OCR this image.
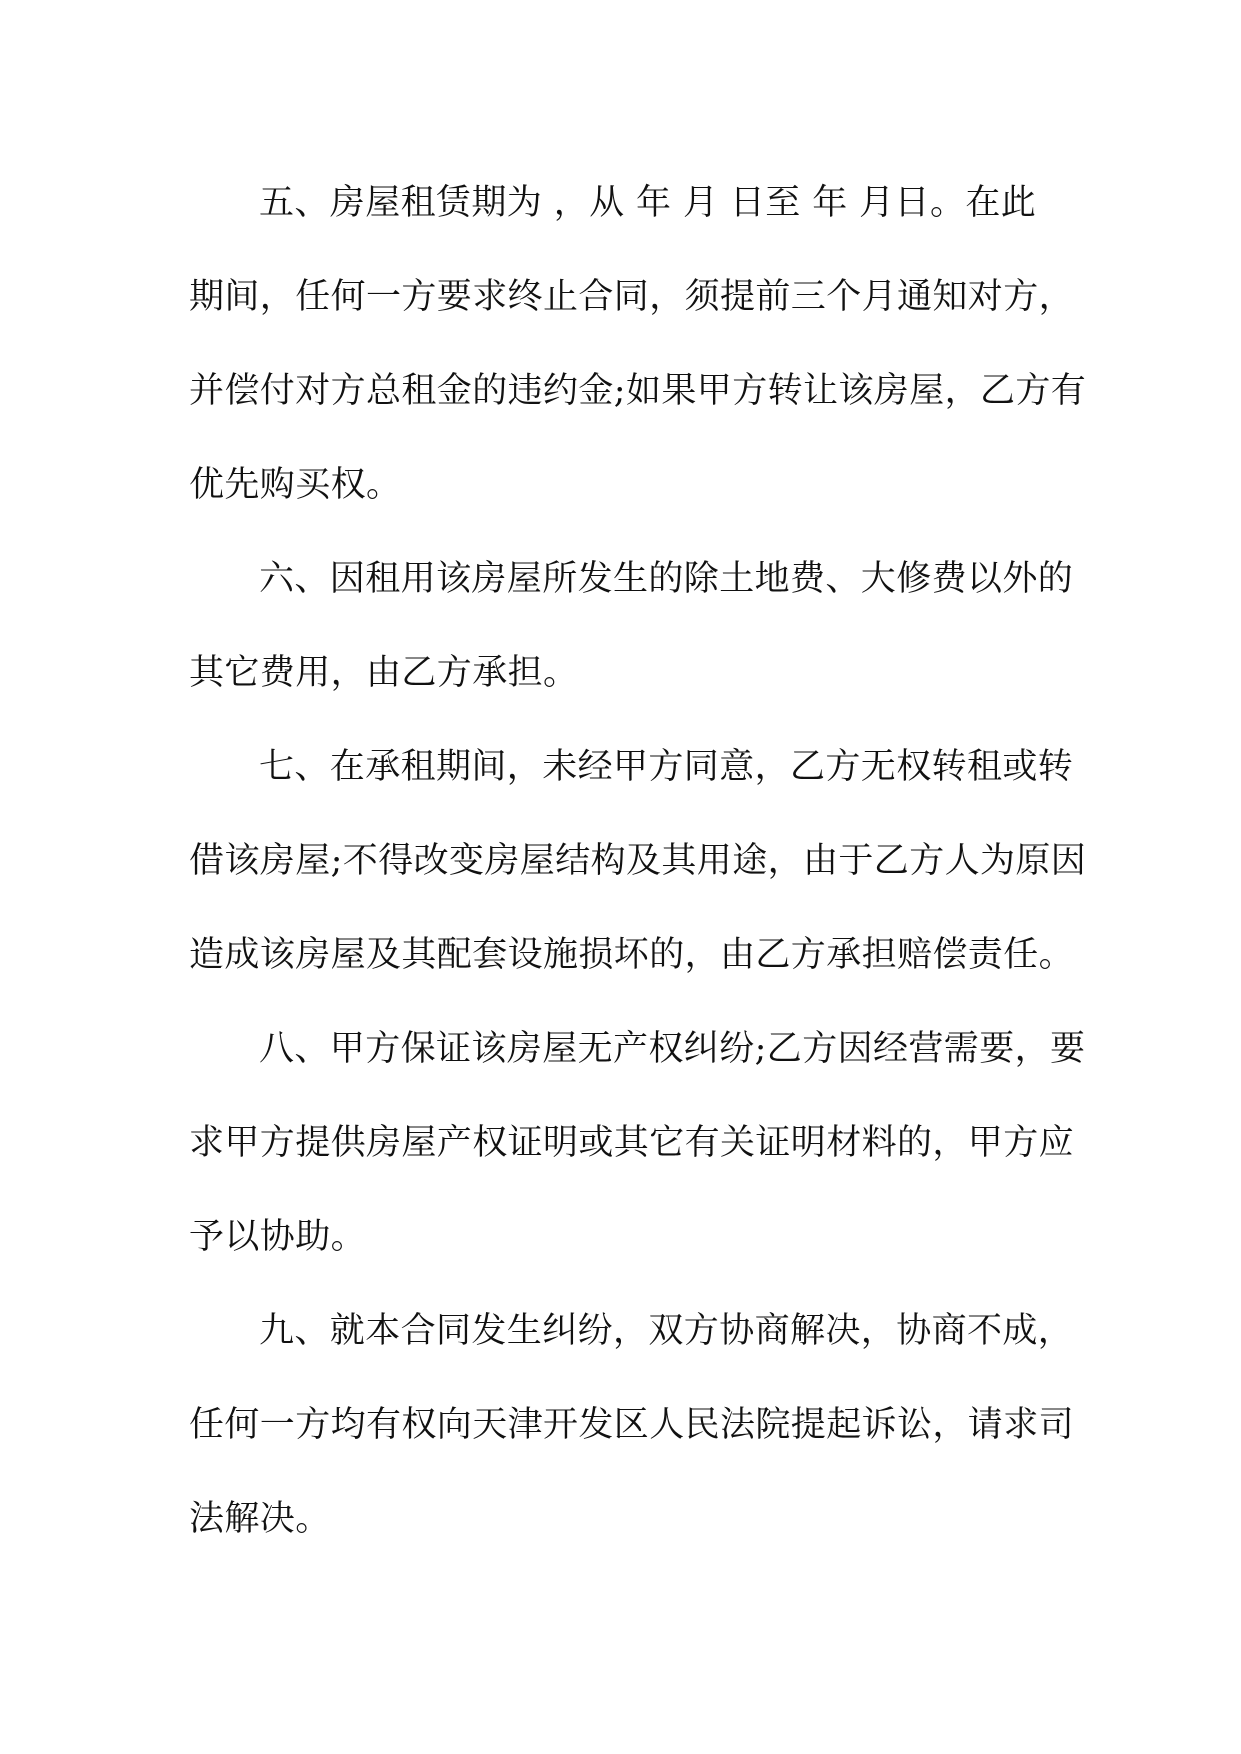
五、房屋租赁期为 ，从 年 月 日至 年 月日。在此
期间，任何一方要求终止合同，须提前三个月通知对方，
并偿付对方总租金的违约金;如果甲方转让该房屋，乙方有
优先购买权。
六、因租用该房屋所发生的除土地费、大修费以外的
其它费用，由乙方承担。
七、在承租期间，未经甲方同意，乙方无权转租或转
借该房屋;不得改变房屋结构及其用途，由于乙方人为原因
造成该房屋及其配套设施损坏的，由乙方承担赔偿责任。
八、甲方保证该房屋无产权纠纷;乙方因经营需要，要
求甲方提供房屋产权证明或其它有关证明材料的，甲方应
予以协助。
九、就本合同发生纠纷，双方协商解决，协商不成，
任何一方均有权向天津开发区人民法院提起诉讼，请求司
法解决。
